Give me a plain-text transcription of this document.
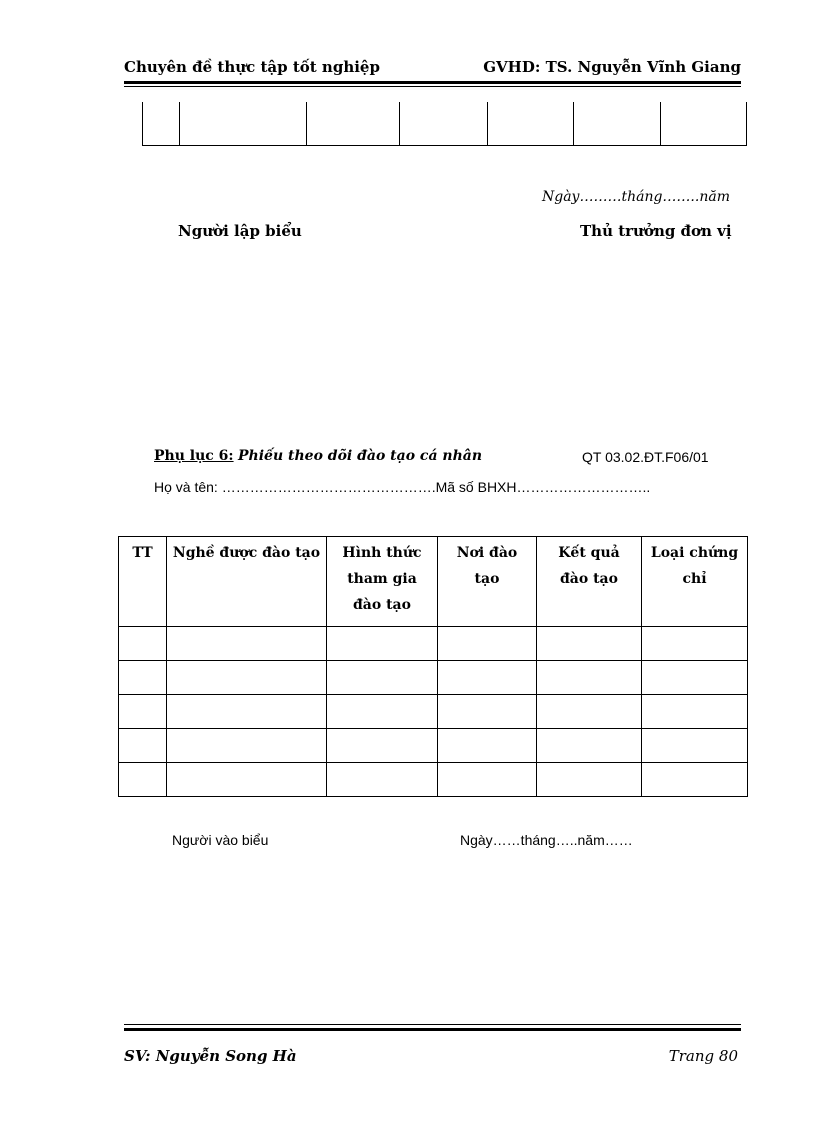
Chuyên đề thực tập tốt nghiệp	GVHD: TS. Nguyễn Vĩnh Giang
Ngày………tháng……..năm
Người lập biểu	Thủ trưởng đơn vị
Phụ lục 6: Phiếu theo dõi đào tạo cá nhân	QT 03.02.ĐT.F06/01
Họ và tên: ……………………………………….Mã số BHXH………………………..
TT	Nghề được đào tạo	Hình thức tham gia đào tạo	Nơi đào tạo	Kết quả đào tạo	Loại chứng chỉ

Người vào biểu	Ngày……tháng…..năm……
SV: Nguyễn Song Hà	Trang 80
